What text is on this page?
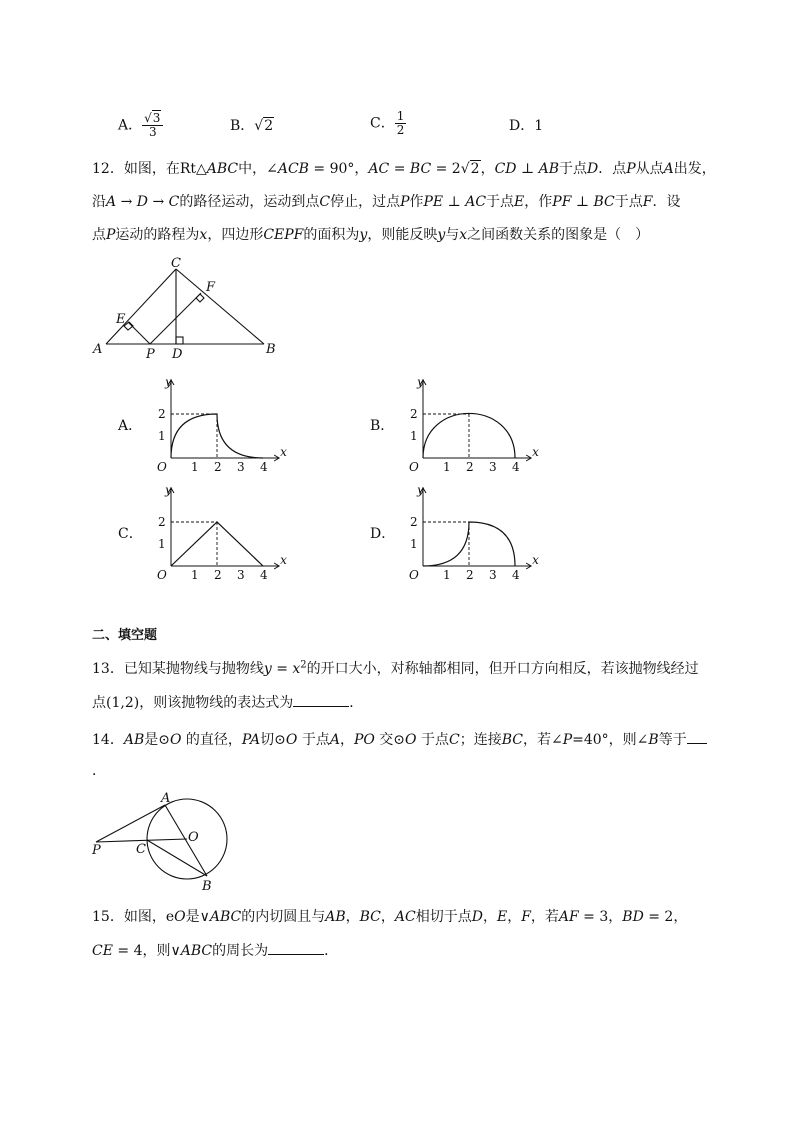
A． $\frac{√3}{3}$	B．√2	C． $\frac{1}{2}$	D．1
12．如图，在Rt△ABC中，∠ACB = 90°，AC = BC = 2√2，CD ⊥ AB于点D．点P从点A出发，
沿A → D → C的路径运动，运动到点C停止，过点P作PE ⊥ AC于点E，作PF ⊥ BC于点F．设
点P运动的路程为x，四边形CEPF的面积为y，则能反映y与x之间函数关系的图象是（　）
C
F
E
A	P D	B
A．
y
x
O
2
1
1 2 3 4
B．
y
x
O
2
1
1 2 3 4
C．
y
x
O
2
1
1 2 3 4
D．
y
x
O
2
1
1 2 3 4
二、填空题
13．已知某抛物线与抛物线$y = x^2$的开口大小，对称轴都相同，但开口方向相反，若该抛物线经过
点(1,2)，则该抛物线的表达式为	．
14．AB是⊙O 的直径，PA切⊙O 于点A，PO 交⊙O 于点C；连接BC，若∠P=40°，则∠B等于
．
A
O
P	C
B
15．如图，eO是∨ABC的内切圆且与AB，BC，AC相切于点D，E，F，若AF = 3，BD = 2，
CE = 4，则∨ABC的周长为	．
